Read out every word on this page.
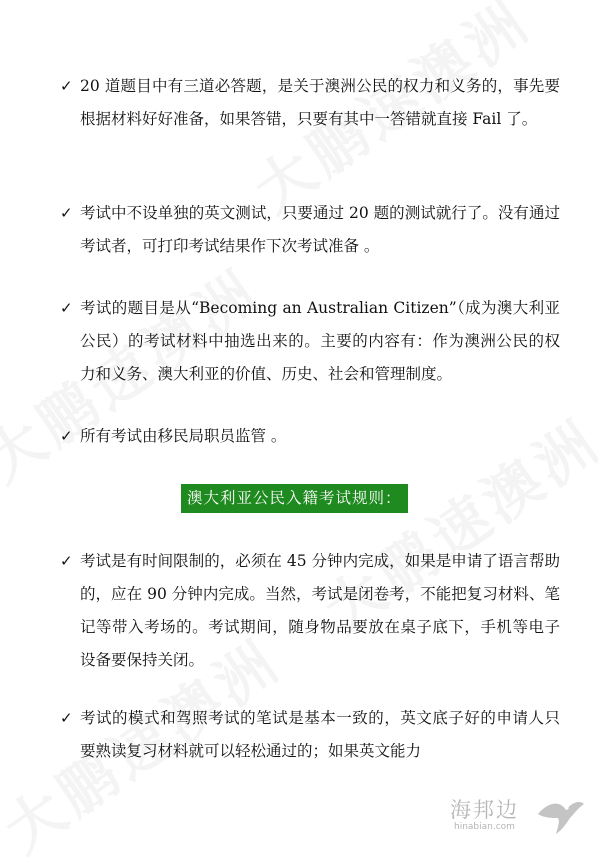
✓ 20 道题目中有三道必答题，是关于澳洲公民的权力和义务的，事先要根据材料好好准备，如果答错，只要有其中一答错就直接 Fail 了。
✓ 考试中不设单独的英文测试，只要通过 20 题的测试就行了。没有通过考试者，可打印考试结果作下次考试准备 。
✓ 考试的题目是从“Becoming an Australian Citizen”（成为澳大利亚公民）的考试材料中抽选出来的。主要的内容有：作为澳洲公民的权力和义务、澳大利亚的价值、历史、社会和管理制度。
✓ 所有考试由移民局职员监管 。
澳大利亚公民入籍考试规则：
✓ 考试是有时间限制的，必须在 45 分钟内完成，如果是申请了语言帮助的，应在 90 分钟内完成。当然，考试是闭卷考，不能把复习材料、笔记等带入考场的。考试期间，随身物品要放在桌子底下，手机等电子设备要保持关闭。
✓ 考试的模式和驾照考试的笔试是基本一致的，英文底子好的申请人只要熟读复习材料就可以轻松通过的；如果英文能力
海邦边
hinabian.com
